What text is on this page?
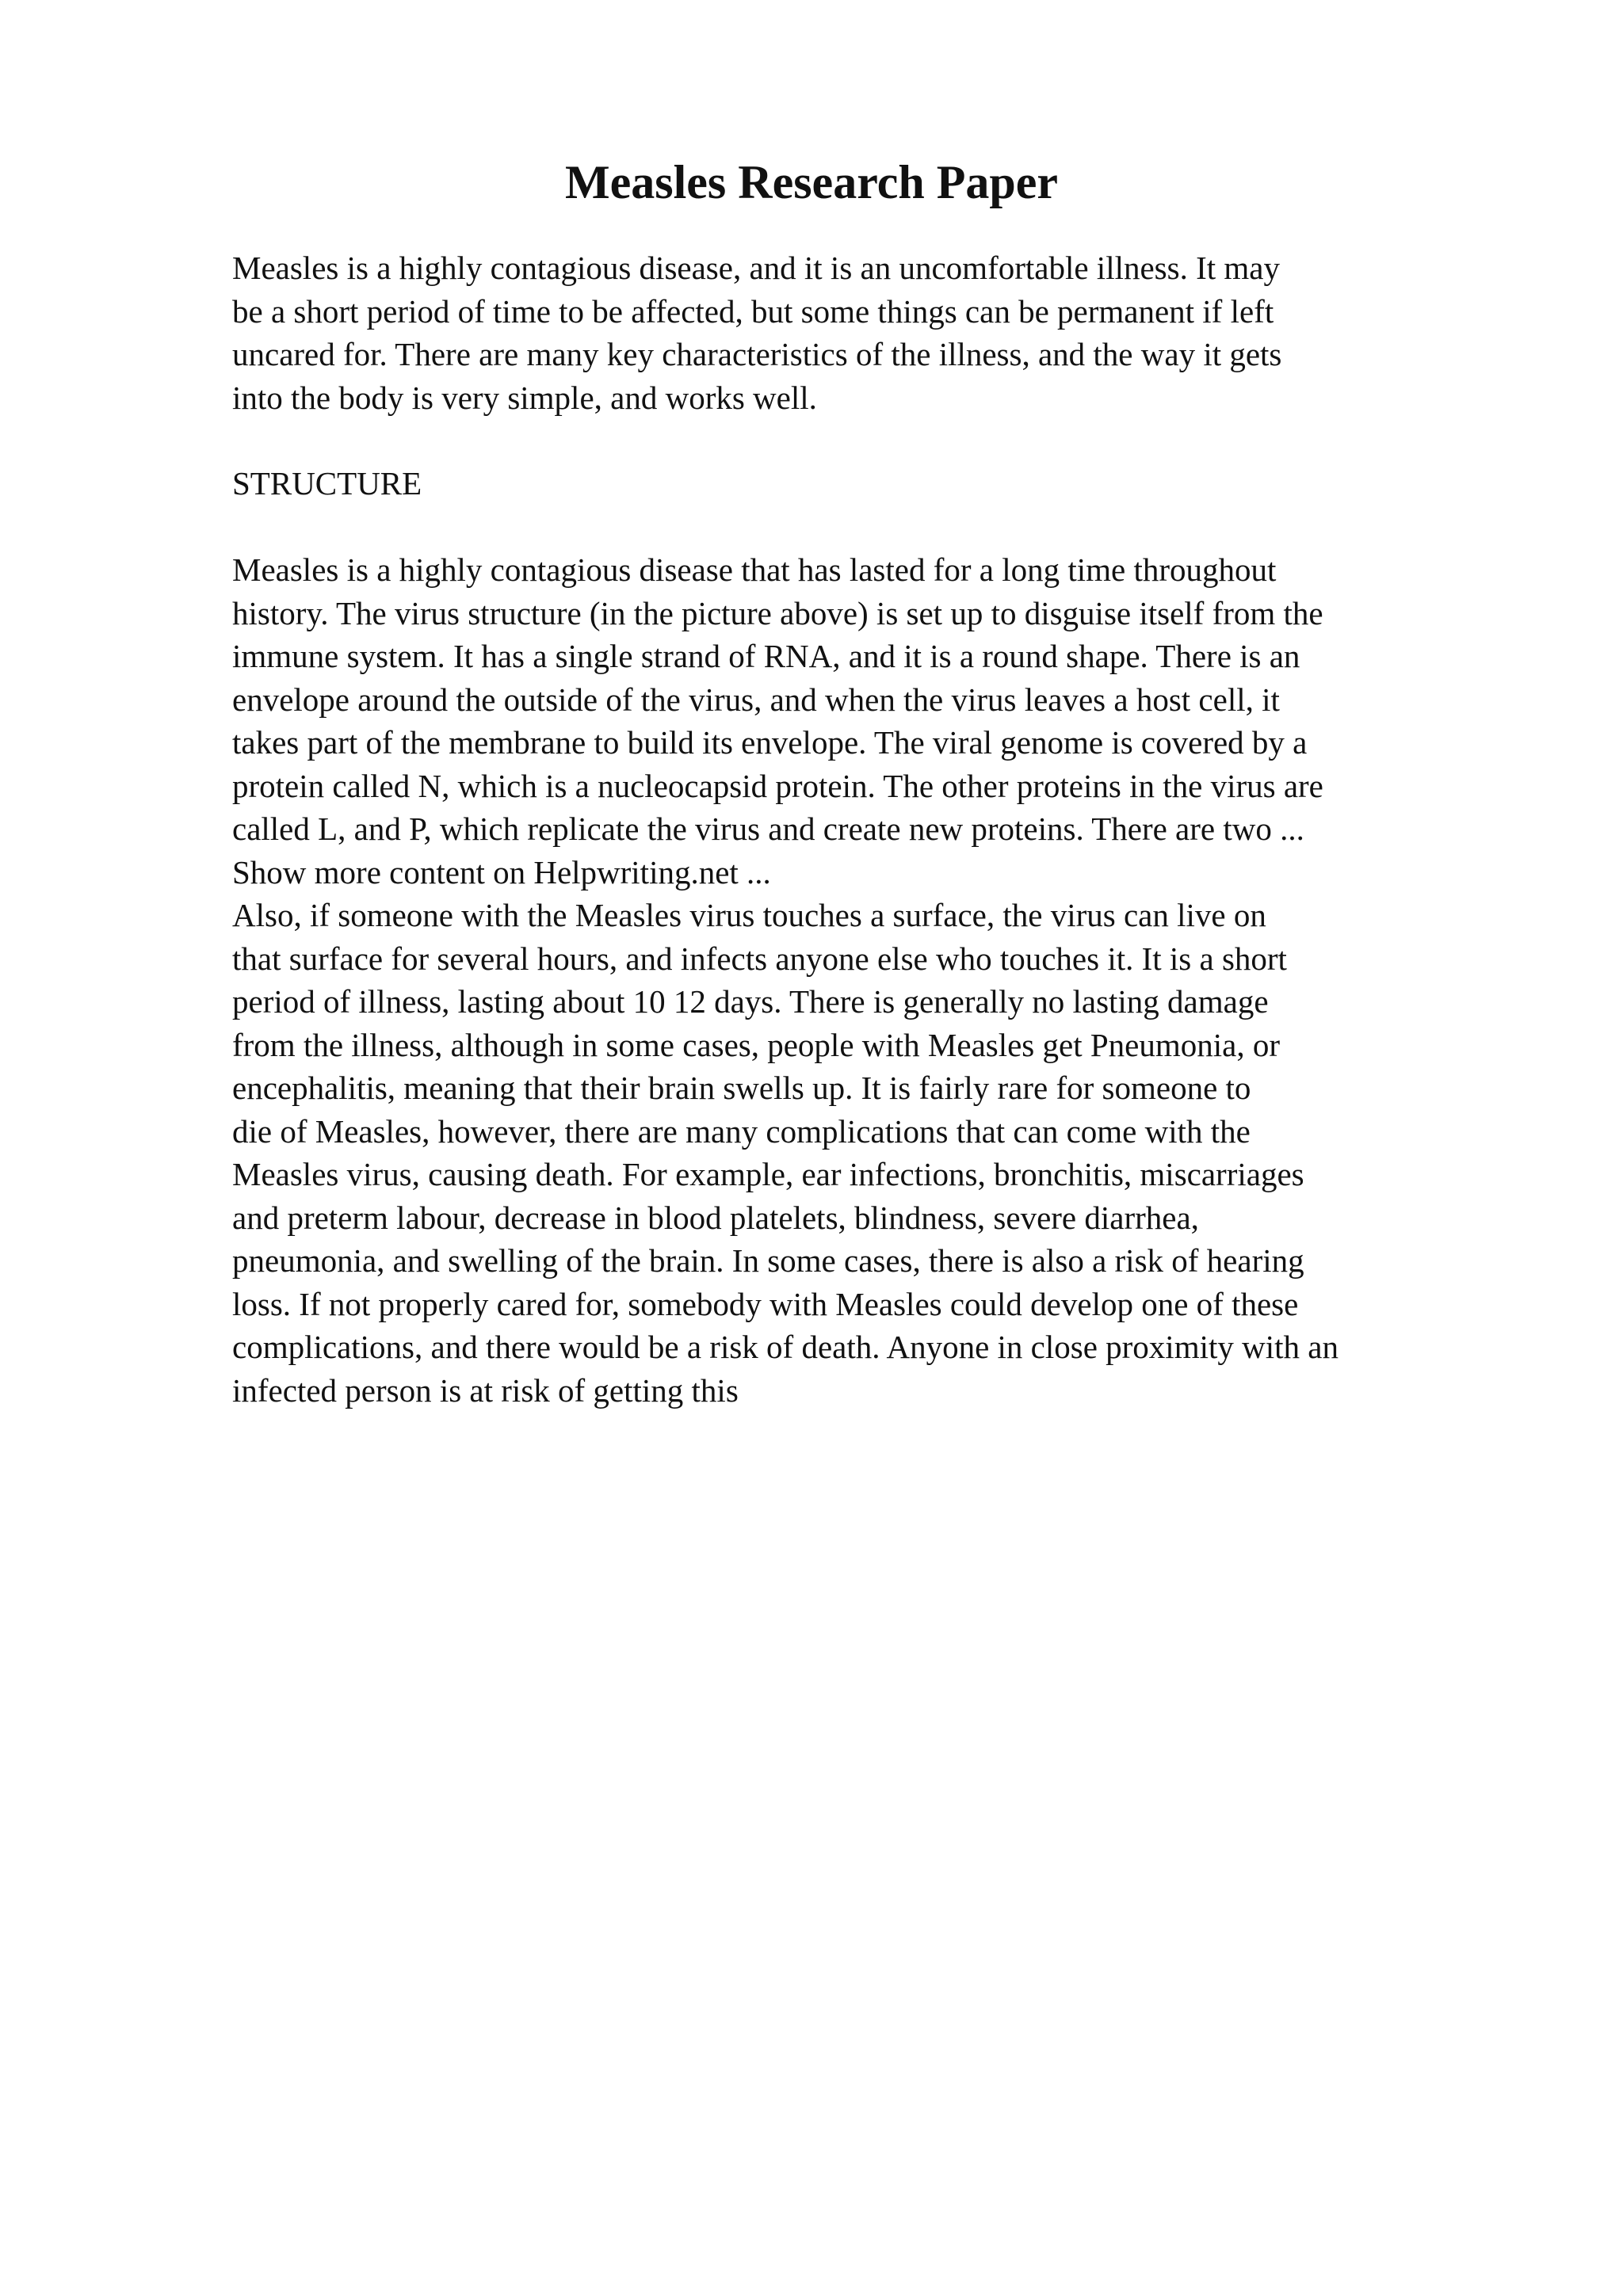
Measles Research Paper

Measles is a highly contagious disease, and it is an uncomfortable illness. It may
be a short period of time to be affected, but some things can be permanent if left
uncared for. There are many key characteristics of the illness, and the way it gets
into the body is very simple, and works well.

STRUCTURE

Measles is a highly contagious disease that has lasted for a long time throughout
history. The virus structure (in the picture above) is set up to disguise itself from the
immune system. It has a single strand of RNA, and it is a round shape. There is an
envelope around the outside of the virus, and when the virus leaves a host cell, it
takes part of the membrane to build its envelope. The viral genome is covered by a
protein called N, which is a nucleocapsid protein. The other proteins in the virus are
called L, and P, which replicate the virus and create new proteins. There are two ...
Show more content on Helpwriting.net ...
Also, if someone with the Measles virus touches a surface, the virus can live on
that surface for several hours, and infects anyone else who touches it. It is a short
period of illness, lasting about 10 12 days. There is generally no lasting damage
from the illness, although in some cases, people with Measles get Pneumonia, or
encephalitis, meaning that their brain swells up. It is fairly rare for someone to
die of Measles, however, there are many complications that can come with the
Measles virus, causing death. For example, ear infections, bronchitis, miscarriages
and preterm labour, decrease in blood platelets, blindness, severe diarrhea,
pneumonia, and swelling of the brain. In some cases, there is also a risk of hearing
loss. If not properly cared for, somebody with Measles could develop one of these
complications, and there would be a risk of death. Anyone in close proximity with an
infected person is at risk of getting this
